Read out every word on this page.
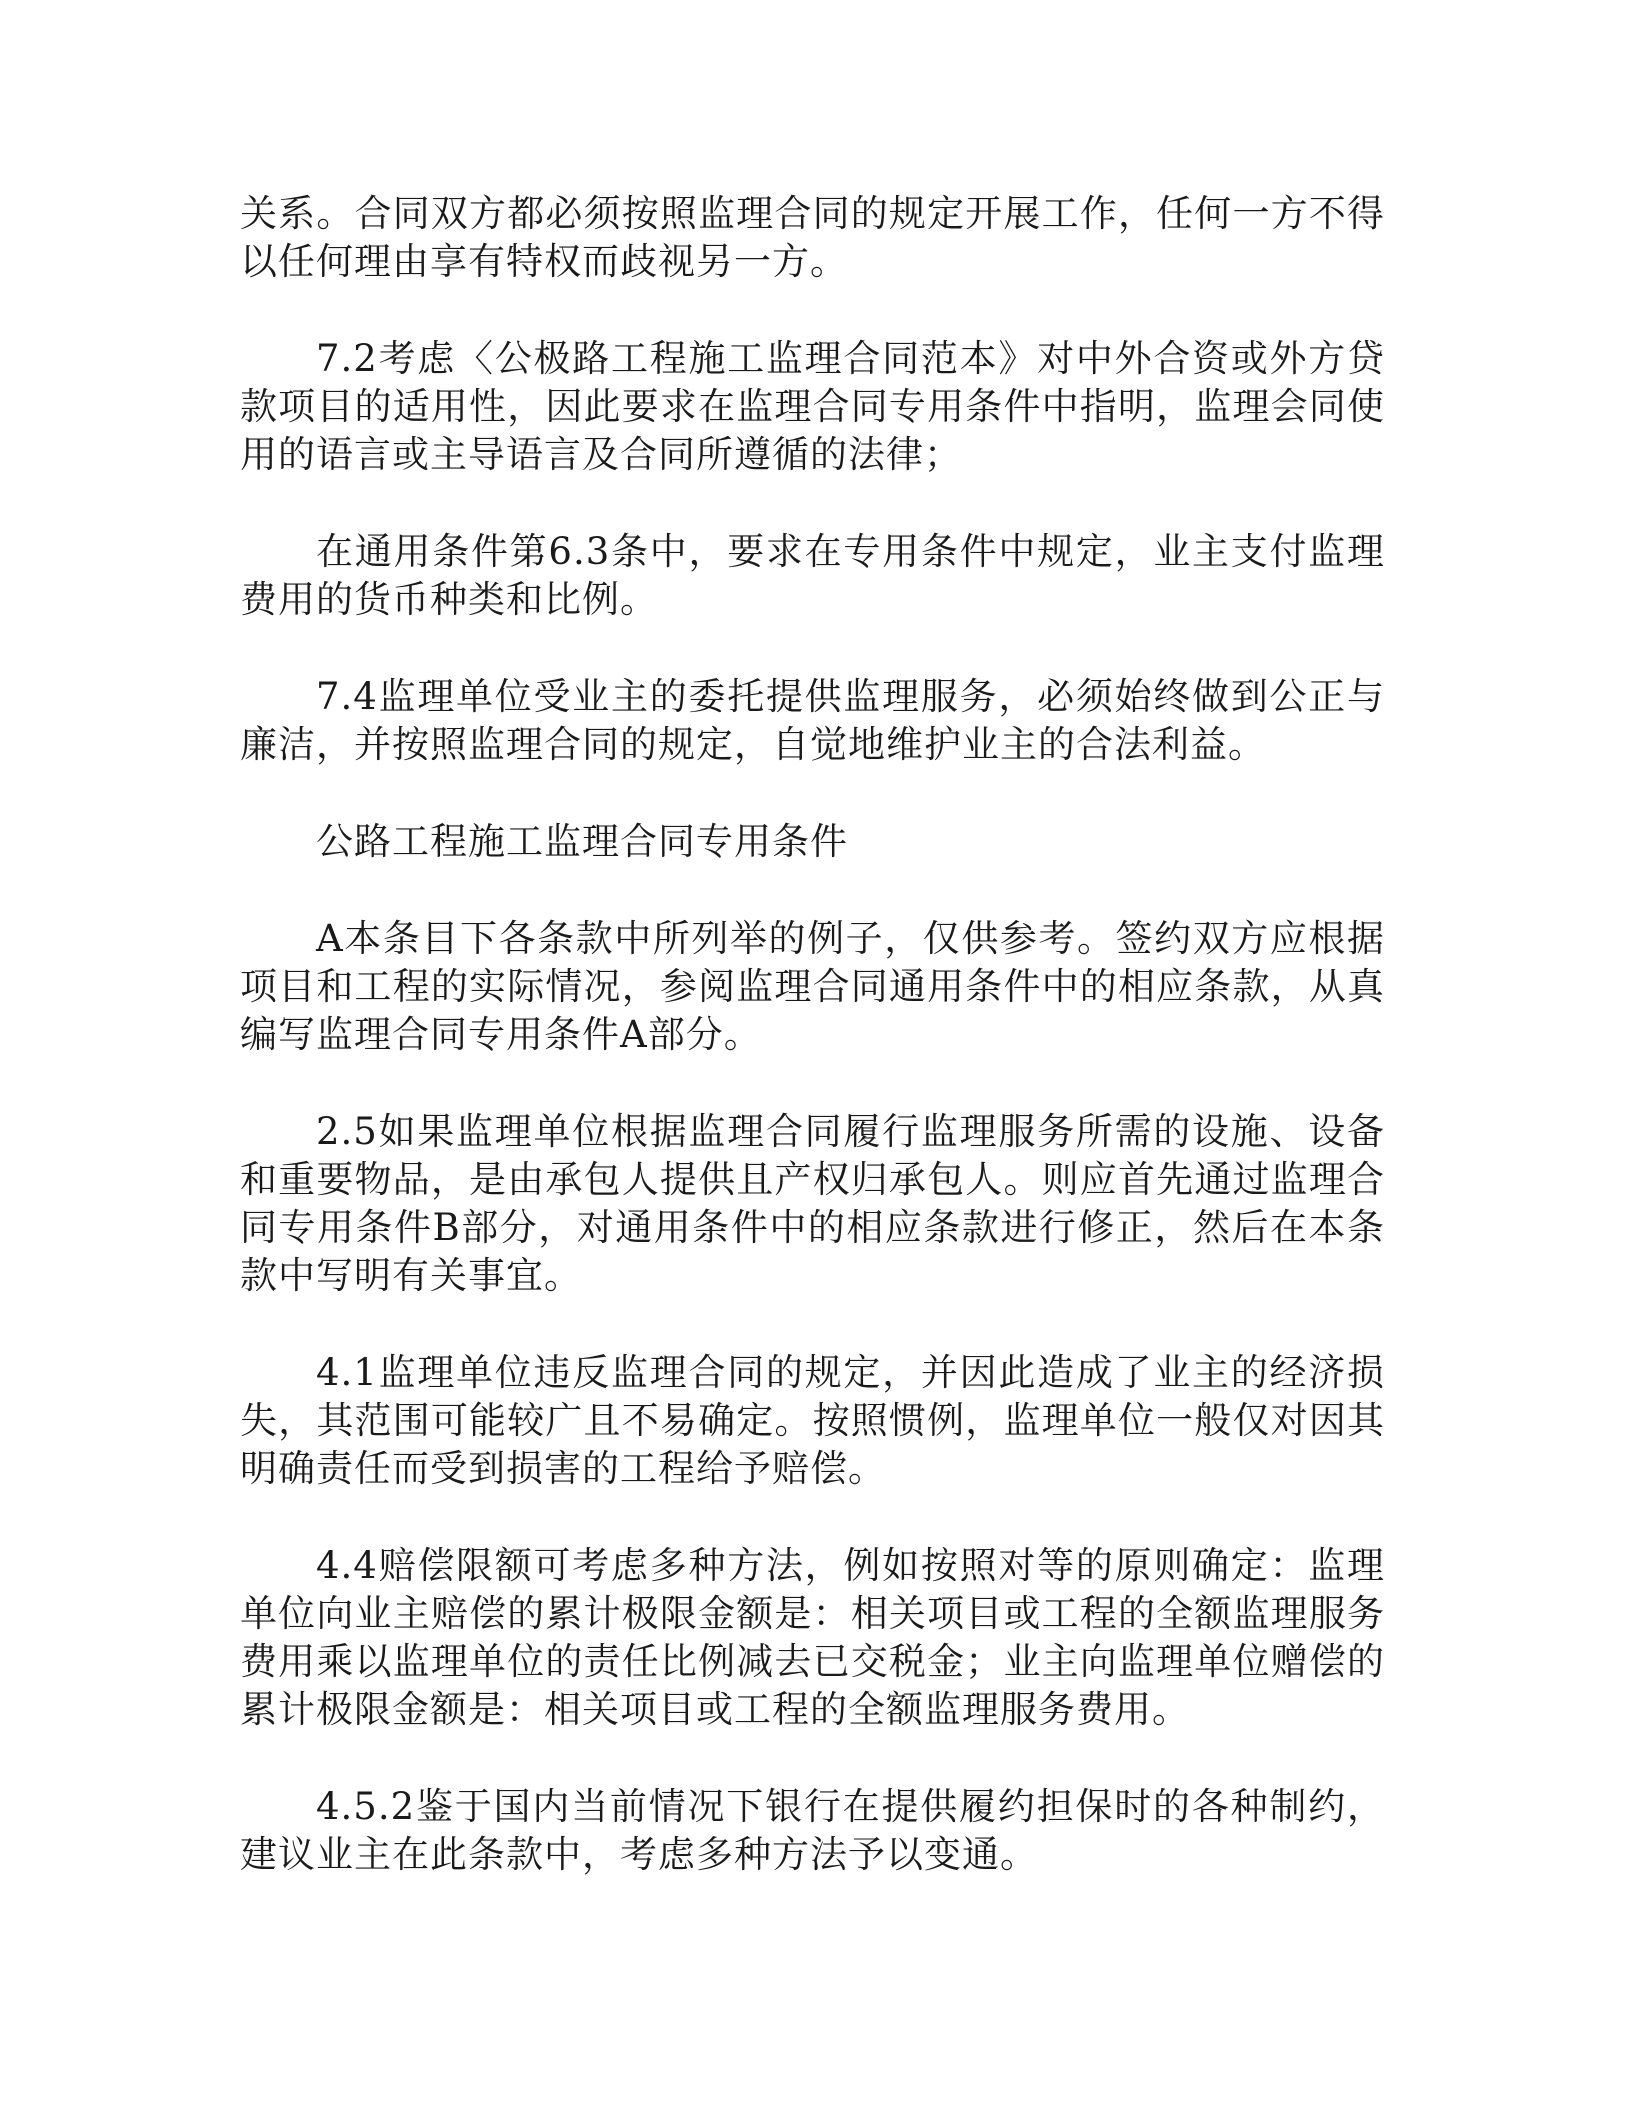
关系。合同双方都必须按照监理合同的规定开展工作，任何一方不得以任何理由享有特权而歧视另一方。

7.2考虑〈公极路工程施工监理合同范本》对中外合资或外方贷款项目的适用性，因此要求在监理合同专用条件中指明，监理会同使用的语言或主导语言及合同所遵循的法律；

在通用条件第6.3条中，要求在专用条件中规定，业主支付监理费用的货币种类和比例。

7.4监理单位受业主的委托提供监理服务，必须始终做到公正与廉洁，并按照监理合同的规定，自觉地维护业主的合法利益。

公路工程施工监理合同专用条件

A本条目下各条款中所列举的例子，仅供参考。签约双方应根据项目和工程的实际情况，参阅监理合同通用条件中的相应条款，从真编写监理合同专用条件A部分。

2.5如果监理单位根据监理合同履行监理服务所需的设施、设备和重要物品，是由承包人提供且产权归承包人。则应首先通过监理合同专用条件B部分，对通用条件中的相应条款进行修正，然后在本条款中写明有关事宜。

4.1监理单位违反监理合同的规定，并因此造成了业主的经济损失，其范围可能较广且不易确定。按照惯例，监理单位一般仅对因其明确责任而受到损害的工程给予赔偿。

4.4赔偿限额可考虑多种方法，例如按照对等的原则确定：监理单位向业主赔偿的累计极限金额是：相关项目或工程的全额监理服务费用乘以监理单位的责任比例减去已交税金；业主向监理单位赠偿的累计极限金额是：相关项目或工程的全额监理服务费用。

4.5.2鉴于国内当前情况下银行在提供履约担保时的各种制约，建议业主在此条款中，考虑多种方法予以变通。
